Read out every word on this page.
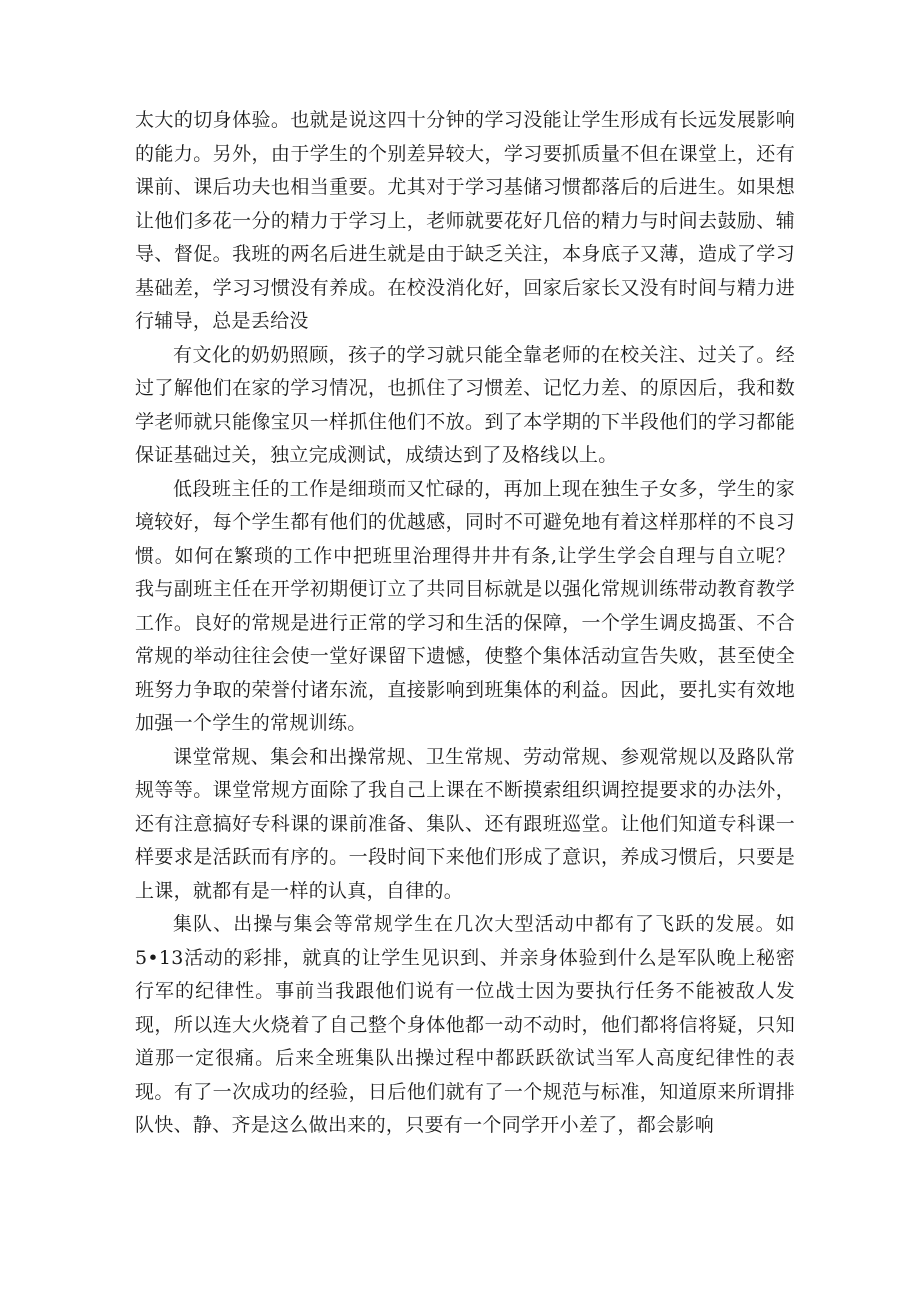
太大的切身体验。也就是说这四十分钟的学习没能让学生形成有长远发展影响的能力。另外，由于学生的个别差异较大，学习要抓质量不但在课堂上，还有课前、课后功夫也相当重要。尤其对于学习基储习惯都落后的后进生。如果想让他们多花一分的精力于学习上，老师就要花好几倍的精力与时间去鼓励、辅导、督促。我班的两名后进生就是由于缺乏关注，本身底子又薄，造成了学习基础差，学习习惯没有养成。在校没消化好，回家后家长又没有时间与精力进行辅导，总是丢给没

有文化的奶奶照顾，孩子的学习就只能全靠老师的在校关注、过关了。经过了解他们在家的学习情况，也抓住了习惯差、记忆力差、的原因后，我和数学老师就只能像宝贝一样抓住他们不放。到了本学期的下半段他们的学习都能保证基础过关，独立完成测试，成绩达到了及格线以上。

低段班主任的工作是细琐而又忙碌的，再加上现在独生子女多，学生的家境较好，每个学生都有他们的优越感，同时不可避免地有着这样那样的不良习惯。如何在繁琐的工作中把班里治理得井井有条,让学生学会自理与自立呢？我与副班主任在开学初期便订立了共同目标就是以强化常规训练带动教育教学工作。良好的常规是进行正常的学习和生活的保障，一个学生调皮捣蛋、不合常规的举动往往会使一堂好课留下遗憾，使整个集体活动宣告失败，甚至使全班努力争取的荣誉付诸东流，直接影响到班集体的利益。因此，要扎实有效地加强一个学生的常规训练。

课堂常规、集会和出操常规、卫生常规、劳动常规、参观常规以及路队常规等等。课堂常规方面除了我自己上课在不断摸索组织调控提要求的办法外，还有注意搞好专科课的课前准备、集队、还有跟班巡堂。让他们知道专科课一样要求是活跃而有序的。一段时间下来他们形成了意识，养成习惯后，只要是上课，就都有是一样的认真，自律的。

集队、出操与集会等常规学生在几次大型活动中都有了飞跃的发展。如5•13活动的彩排，就真的让学生见识到、并亲身体验到什么是军队晚上秘密行军的纪律性。事前当我跟他们说有一位战士因为要执行任务不能被敌人发现，所以连大火烧着了自己整个身体他都一动不动时，他们都将信将疑，只知道那一定很痛。后来全班集队出操过程中都跃跃欲试当军人高度纪律性的表现。有了一次成功的经验，日后他们就有了一个规范与标准，知道原来所谓排队快、静、齐是这么做出来的，只要有一个同学开小差了，都会影响
